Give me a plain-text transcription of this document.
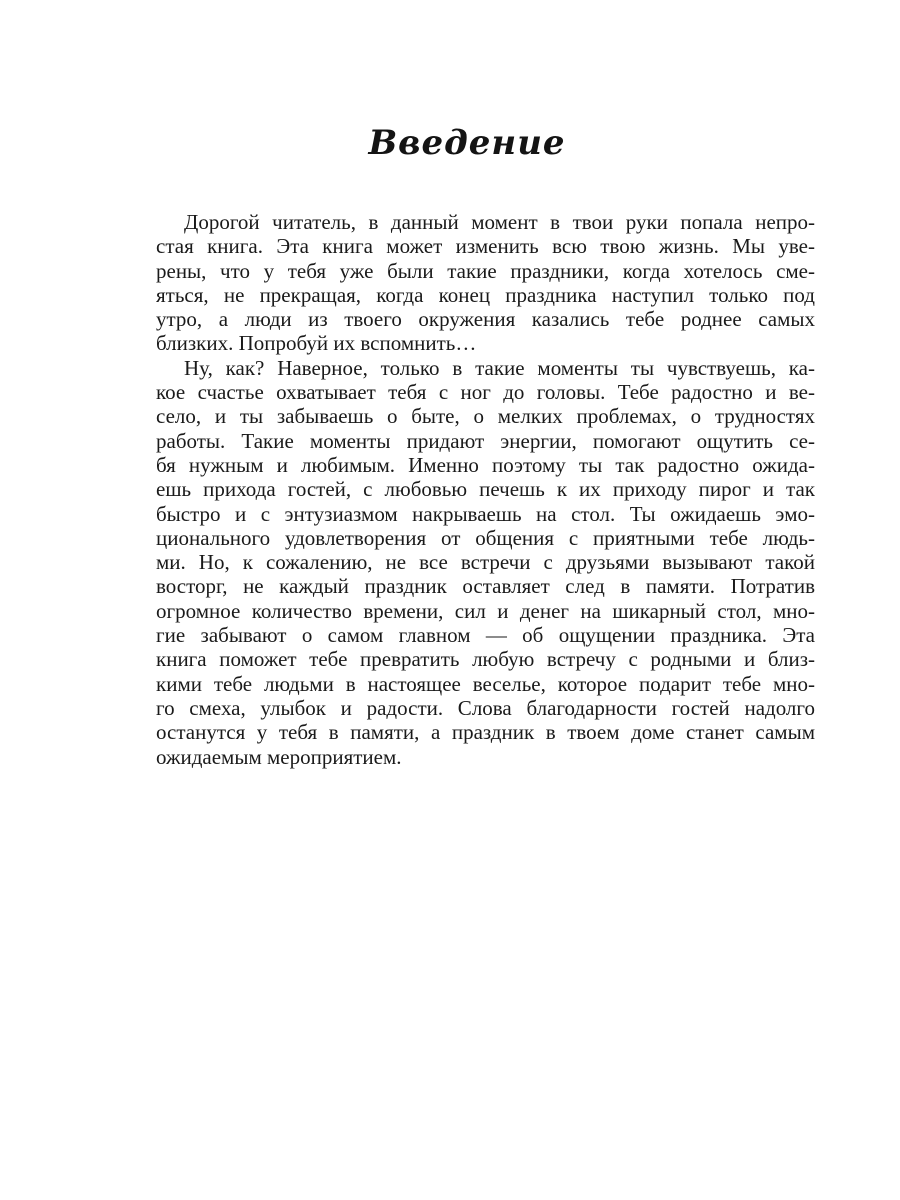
Введение
Дорогой читатель, в данный момент в твои руки попала непро-
стая книга. Эта книга может изменить всю твою жизнь. Мы уве-
рены, что у тебя уже были такие праздники, когда хотелось сме-
яться, не прекращая, когда конец праздника наступил только под
утро, а люди из твоего окружения казались тебе роднее самых
близких. Попробуй их вспомнить…
Ну, как? Наверное, только в такие моменты ты чувствуешь, ка-
кое счастье охватывает тебя с ног до головы. Тебе радостно и ве-
село, и ты забываешь о быте, о мелких проблемах, о трудностях
работы. Такие моменты придают энергии, помогают ощутить се-
бя нужным и любимым. Именно поэтому ты так радостно ожида-
ешь прихода гостей, с любовью печешь к их приходу пирог и так
быстро и с энтузиазмом накрываешь на стол. Ты ожидаешь эмо-
ционального удовлетворения от общения с приятными тебе людь-
ми. Но, к сожалению, не все встречи с друзьями вызывают такой
восторг, не каждый праздник оставляет след в памяти. Потратив
огромное количество времени, сил и денег на шикарный стол, мно-
гие забывают о самом главном — об ощущении праздника. Эта
книга поможет тебе превратить любую встречу с родными и близ-
кими тебе людьми в настоящее веселье, которое подарит тебе мно-
го смеха, улыбок и радости. Слова благодарности гостей надолго
останутся у тебя в памяти, а праздник в твоем доме станет самым
ожидаемым мероприятием.
